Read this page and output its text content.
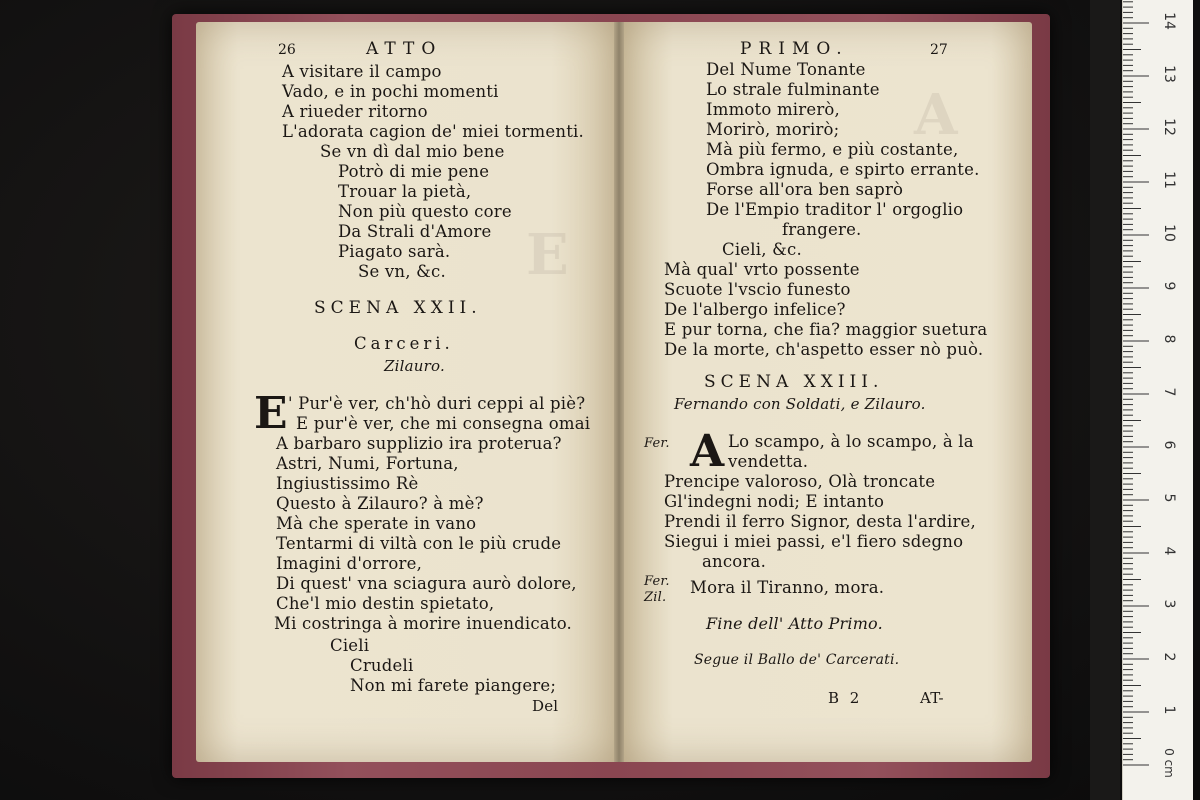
E
26	ATTO
A visitare il campo
Vado, e in pochi momenti
A riueder ritorno
L'adorata cagion de' miei tormenti.
Se vn dì dal mio bene
Potrò di mie pene
Trouar la pietà,
Non più questo core
Da Strali d'Amore
Piagato sarà.
Se vn, &c.
SCENA XXII.
Carceri.
Zilauro.
E ' Pur'è ver, ch'hò duri ceppi al piè?
E pur'è ver, che mi consegna omai
A barbaro supplizio ira proterua?
Astri, Numi, Fortuna,
Ingiustissimo Rè
Questo à Zilauro? à mè?
Mà che sperate in vano
Tentarmi di viltà con le più crude
Imagini d'orrore,
Di quest' vna sciagura aurò dolore,
Che'l mio destin spietato,
Mi costringa à morire inuendicato.
Cieli
Crudeli
Non mi farete piangere;
Del
A
PRIMO.	27
Del Nume Tonante
Lo strale fulminante
Immoto mirerò,
Morirò, morirò;
Mà più fermo, e più costante,
Ombra ignuda, e spirto errante.
Forse all'ora ben saprò
De l'Empio traditor l' orgoglio
frangere.
Cieli, &c.
Mà qual' vrto possente
Scuote l'vscio funesto
De l'albergo infelice?
E pur torna, che fia? maggior suetura
De la morte, ch'aspetto esser nò può.
SCENA XXIII.
Fernando con Soldati, e Zilauro.
Fer. A Lo scampo, à lo scampo, à la
vendetta.
Prencipe valoroso, Olà troncate
Gl'indegni nodi; E intanto
Prendi il ferro Signor, desta l'ardire,
Siegui i miei passi, e'l fiero sdegno
ancora.
Fer.
Zil.
Mora il Tiranno, mora.
Fine dell' Atto Primo.
Segue il Ballo de' Carcerati.
B 2	AT-
0 cm
1
2
3
4
5
6
7
8
9
10
11
12
13
14
